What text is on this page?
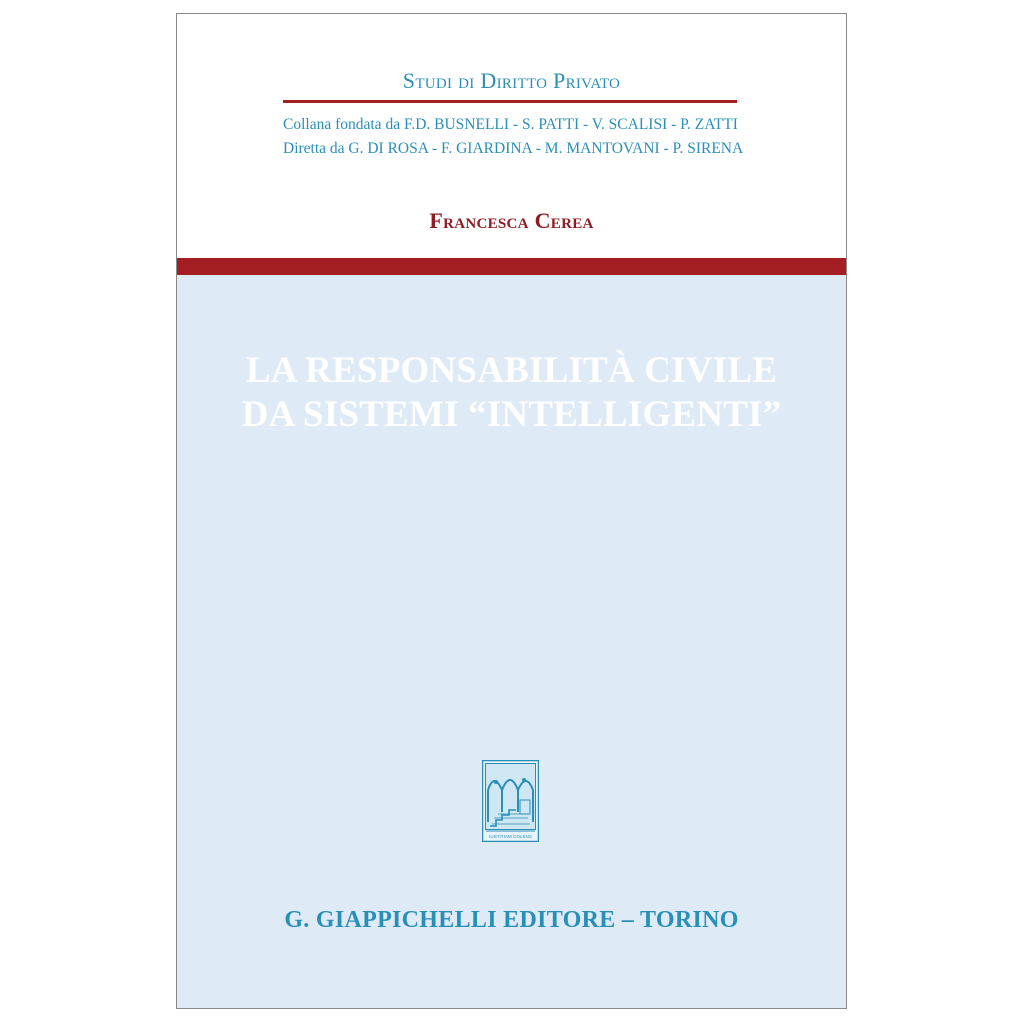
Studi di Diritto Privato
Collana fondata da F.D. BUSNELLI - S. PATTI - V. SCALISI - P. ZATTI
Diretta da G. DI ROSA - F. GIARDINA - M. MANTOVANI - P. SIRENA
Francesca Cerea
LA RESPONSABILITÀ CIVILE
DA SISTEMI “INTELLIGENTI”
IUSTITIAM COLENS
G. GIAPPICHELLI EDITORE – TORINO
